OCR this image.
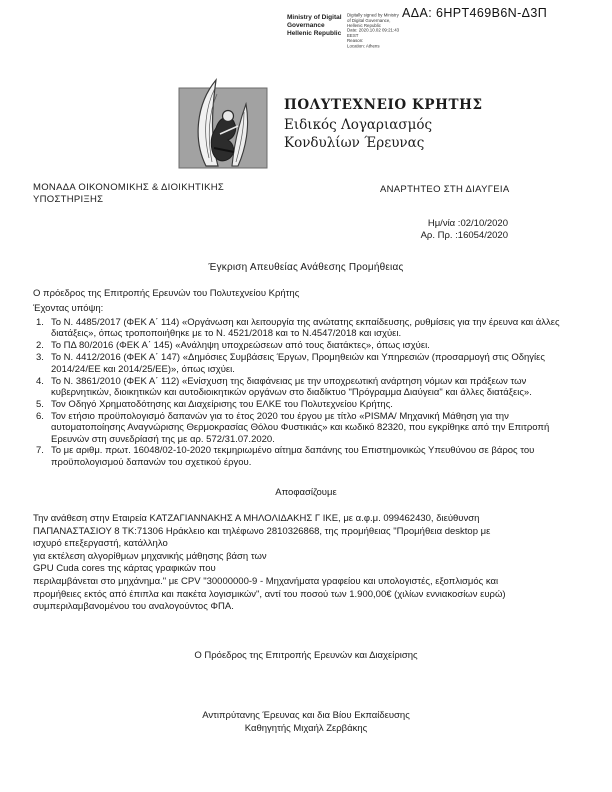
ΑΔΑ: 6ΗΡΤ469Β6Ν-Δ3Π
Ministry of Digital
Governance
Hellenic Republic
Digitally signed by Ministry
of Digital Governance,
Hellenic Republic
Date: 2020.10.02 09:21:43
EEST
Reason:
Location: Athens
ΠΟΛΥΤΕΧΝΕΙΟ ΚΡΗΤΗΣ
Ειδικός Λογαριασμός
Κονδυλίων Έρευνας
ΜΟΝΑΔΑ ΟΙΚΟΝΟΜΙΚΗΣ & ΔΙΟΙΚΗΤΙΚΗΣ
ΥΠΟΣΤΗΡΙΞΗΣ
ΑΝΑΡΤΗΤΕΟ ΣΤΗ ΔΙΑΥΓΕΙΑ
Ημ/νία :02/10/2020
Αρ. Πρ. :16054/2020
Έγκριση Απευθείας Ανάθεσης Προμήθειας
Ο πρόεδρος της Επιτροπής Ερευνών του Πολυτεχνείου Κρήτης
Έχοντας υπόψη:
1. Το Ν. 4485/2017 (ΦΕΚ Α΄ 114) «Οργάνωση και λειτουργία της ανώτατης εκπαίδευσης, ρυθμίσεις για την έρευνα και άλλες διατάξεις», όπως τροποποιήθηκε με το Ν. 4521/2018 και το Ν.4547/2018 και ισχύει.
2. Το ΠΔ 80/2016 (ΦΕΚ Α΄ 145) «Ανάληψη υποχρεώσεων από τους διατάκτες», όπως ισχύει.
3. Το Ν. 4412/2016 (ΦΕΚ Α΄ 147) «Δημόσιες Συμβάσεις Έργων, Προμηθειών και Υπηρεσιών (προσαρμογή στις Οδηγίες 2014/24/ΕΕ και 2014/25/ΕΕ)», όπως ισχύει.
4. Το Ν. 3861/2010 (ΦΕΚ Α΄ 112) «Ενίσχυση της διαφάνειας με την υποχρεωτική ανάρτηση νόμων και πράξεων των κυβερνητικών, διοικητικών και αυτοδιοικητικών οργάνων στο διαδίκτυο "Πρόγραμμα Διαύγεια" και άλλες διατάξεις».
5. Τον Οδηγό Χρηματοδότησης και Διαχείρισης του ΕΛΚΕ του Πολυτεχνείου Κρήτης.
6. Τον ετήσιο προϋπολογισμό δαπανών για το έτος 2020 του έργου με τίτλο «PISMA/ Μηχανική Μάθηση για την αυτοματοποίησης Αναγνώρισης Θερμοκρασίας Θόλου Φυστικιάς» και κωδικό 82320, που εγκρίθηκε από την Επιτροπή Ερευνών στη συνεδρίασή της με αρ. 572/31.07.2020.
7. Το με αριθμ. πρωτ. 16048/02-10-2020 τεκμηριωμένο αίτημα δαπάνης του Επιστημονικώς Υπευθύνου σε βάρος του προϋπολογισμού δαπανών του σχετικού έργου.
Αποφασίζουμε
Την ανάθεση στην Εταιρεία ΚΑΤΖΑΓΙΑΝΝΑΚΗΣ Α ΜΗΛΟΛΙΔΑΚΗΣ Γ ΙΚΕ, με α.φ.μ. 099462430, διεύθυνση
ΠΑΠΑΝΑΣΤΑΣΙΟΥ 8 ΤΚ:71306 Ηράκλειο και τηλέφωνο 2810326868, της προμήθειας "Προμήθεια desktop με
ισχυρό επεξεργαστή, κατάλληλο
για εκτέλεση αλγορίθμων μηχανικής μάθησης βάση των
GPU Cuda cores της κάρτας γραφικών που
περιλαμβάνεται στο μηχάνημα." με CPV "30000000-9 - Μηχανήματα γραφείου και υπολογιστές, εξοπλισμός και
προμήθειες εκτός από έπιπλα και πακέτα λογισμικών", αντί του ποσού των 1.900,00€ (χιλίων εννιακοσίων ευρώ)
συμπεριλαμβανομένου του αναλογούντος ΦΠΑ.
Ο Πρόεδρος της Επιτροπής Ερευνών και Διαχείρισης
Αντιπρύτανης Έρευνας και δια Βίου Εκπαίδευσης
Καθηγητής Μιχαήλ Ζερβάκης
